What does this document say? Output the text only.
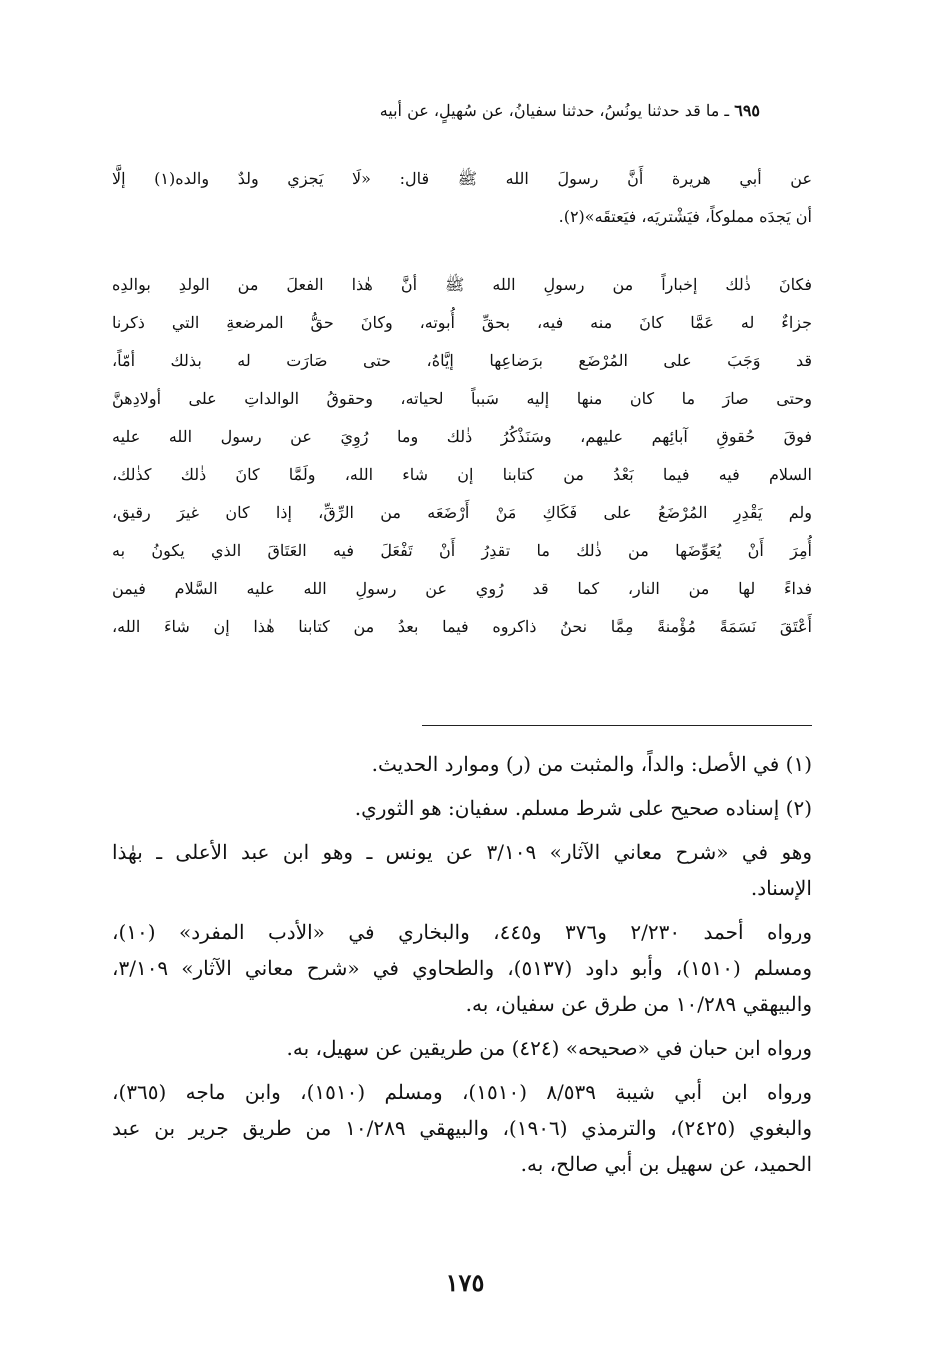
٦٩٥ ـ ما قد حدثنا يونُسُ، حدثنا سفيانُ، عن سُهيلٍ، عن أبيه
عن أبي هريرة أَنَّ رسولَ الله ﷺ قال: «لَا يَجزي ولدٌ والده(١) إلَّا
أن يَجدَه مملوكاً، فيَشْتريَه، فيَعتقَه»(٢).
فكانَ ذٰلك إخباراً من رسولِ الله ﷺ أنَّ هٰذا الفعلَ من الولدِ بوالدِه
جزاءٌ له عَمَّا كانَ منه فيه، بحقِّ أُبوته، وكانَ حقُّ المرضعةِ التي ذكرنا
قد وَجَبَ على المُرْضَع برَضاعِها إيَّاهُ، حتى صَارَت له بذلك أمّاً،
وحتى صارَ ما كان منها إليه سَبباً لحياته، وحقوقُ الوالداتِ على أولادِهنَّ
فوقَ حُقوقِ آبائِهم عليهم، وسَنَذْكُرُ ذٰلك وما رُوِيَ عن رسول الله عليه
السلام فيه فيما بَعْدُ من كتابنا إن شاء الله، ولَمَّا كانَ ذٰلك كذٰلك،
ولم يَقْدِرِ المُرْضَعُ على فَكَاكِ مَنْ أَرْضَعَه من الرِّقِّ، إذا كان غيرَ رقيق،
أُمِرَ أَنْ يُعَوِّضَها من ذٰلك ما تقدِرُ أَنْ تَفْعَلَ فيه العَتَاقَ الذي يكونُ به
فداءً لها من النار، كما قد رُوي عن رسولِ الله عليه السَّلام فيمن
أَعْتَقَ نَسَمَةً مُؤْمنةً مِمَّا نحنُ ذاكروه فيما بعدُ من كتابنا هٰذا إن شاءَ الله،
(١) في الأصل: والداً، والمثبت من (ر) وموارد الحديث.
(٢) إسناده صحيح على شرط مسلم. سفيان: هو الثوري.
وهو في «شرح معاني الآثار» ٣/١٠٩ عن يونس ـ وهو ابن عبد الأعلى ـ بهٰذا
الإسناد.
ورواه أحمد ٢/٢٣٠ و٣٧٦ و٤٤٥، والبخاري في «الأدب المفرد» (١٠)،
ومسلم (١٥١٠)، وأبو داود (٥١٣٧)، والطحاوي في «شرح معاني الآثار» ٣/١٠٩،
والبيهقي ١٠/٢٨٩ من طرق عن سفيان، به.
ورواه ابن حبان في «صحيحه» (٤٢٤) من طريقين عن سهيل، به.
ورواه ابن أبي شيبة ٨/٥٣٩ (١٥١٠)، ومسلم (١٥١٠)، وابن ماجه (٣٦٥)،
والبغوي (٢٤٢٥)، والترمذي (١٩٠٦)، والبيهقي ١٠/٢٨٩ من طريق جرير بن عبد
الحميد، عن سهيل بن أبي صالح، به.
١٧٥
